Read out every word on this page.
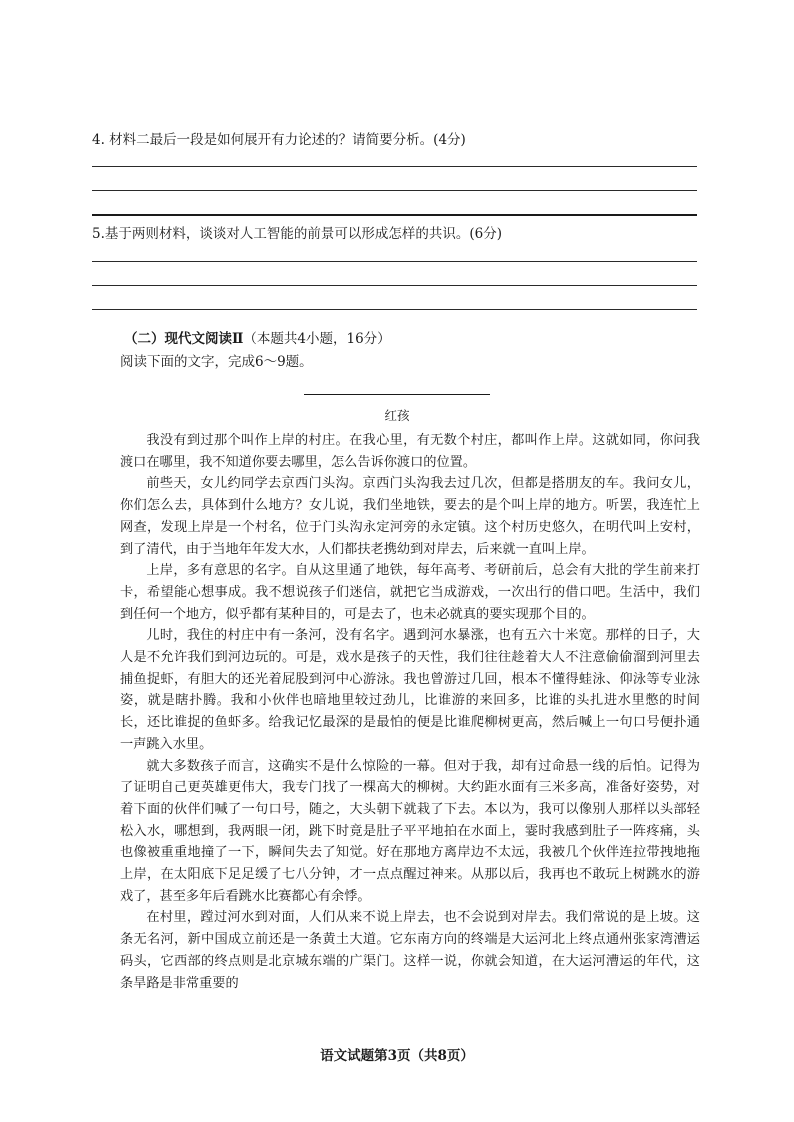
4. 材料二最后一段是如何展开有力论述的？请简要分析。(4分)
5.基于两则材料，谈谈对人工智能的前景可以形成怎样的共识。(6分)
（二）现代文阅读Ⅱ（本题共4小题，16分）
阅读下面的文字，完成6～9题。
红孩

我没有到过那个叫作上岸的村庄。在我心里，有无数个村庄，都叫作上岸。这就如同，你问我渡口在哪里，我不知道你要去哪里，怎么告诉你渡口的位置。

前些天，女儿约同学去京西门头沟。京西门头沟我去过几次，但都是搭朋友的车。我问女儿，你们怎么去，具体到什么地方？女儿说，我们坐地铁，要去的是个叫上岸的地方。听罢，我连忙上网查，发现上岸是一个村名，位于门头沟永定河旁的永定镇。这个村历史悠久，在明代叫上安村，到了清代，由于当地年年发大水，人们都扶老携幼到对岸去，后来就一直叫上岸。

上岸，多有意思的名字。自从这里通了地铁，每年高考、考研前后，总会有大批的学生前来打卡，希望能心想事成。我不想说孩子们迷信，就把它当成游戏，一次出行的借口吧。生活中，我们到任何一个地方，似乎都有某种目的，可是去了，也未必就真的要实现那个目的。

儿时，我住的村庄中有一条河，没有名字。遇到河水暴涨，也有五六十米宽。那样的日子，大人是不允许我们到河边玩的。可是，戏水是孩子的天性，我们往往趁着大人不注意偷偷溜到河里去捕鱼捉虾，有胆大的还光着屁股到河中心游泳。我也曾游过几回，根本不懂得蛙泳、仰泳等专业泳姿，就是瞎扑腾。我和小伙伴也暗地里较过劲儿，比谁游的来回多，比谁的头扎进水里憋的时间长，还比谁捉的鱼虾多。给我记忆最深的是最怕的便是比谁爬柳树更高，然后喊上一句口号便扑通一声跳入水里。

就大多数孩子而言，这确实不是什么惊险的一幕。但对于我，却有过命悬一线的后怕。记得为了证明自己更英雄更伟大，我专门找了一棵高大的柳树。大约距水面有三米多高，准备好姿势，对着下面的伙伴们喊了一句口号，随之，大头朝下就栽了下去。本以为，我可以像别人那样以头部轻松入水，哪想到，我两眼一闭，跳下时竟是肚子平平地拍在水面上，霎时我感到肚子一阵疼痛，头也像被重重地撞了一下，瞬间失去了知觉。好在那地方离岸边不太远，我被几个伙伴连拉带拽地拖上岸，在太阳底下足足缓了七八分钟，才一点点醒过神来。从那以后，我再也不敢玩上树跳水的游戏了，甚至多年后看跳水比赛都心有余悸。

在村里，蹚过河水到对面，人们从来不说上岸去，也不会说到对岸去。我们常说的是上坡。这条无名河，新中国成立前还是一条黄土大道。它东南方向的终端是大运河北上终点通州张家湾漕运码头，它西部的终点则是北京城东端的广渠门。这样一说，你就会知道，在大运河漕运的年代，这条旱路是非常重要的

语文试题第3页（共8页）
